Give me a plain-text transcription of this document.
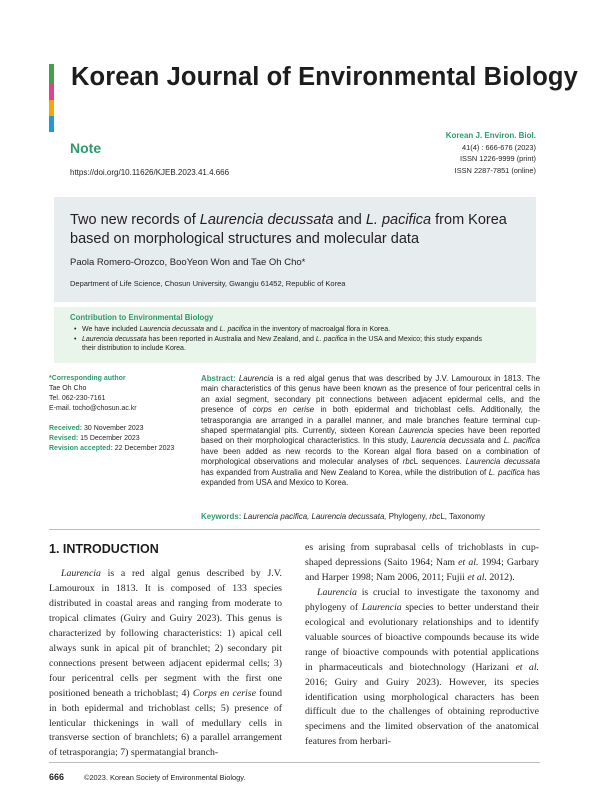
Korean Journal of Environmental Biology
Note
https://doi.org/10.11626/KJEB.2023.41.4.666
Korean J. Environ. Biol.
41(4) : 666-676 (2023)
ISSN 1226-9999 (print)
ISSN 2287-7851 (online)
Two new records of Laurencia decussata and L. pacifica from Korea based on morphological structures and molecular data
Paola Romero-Orozco, BooYeon Won and Tae Oh Cho*
Department of Life Science, Chosun University, Gwangju 61452, Republic of Korea
Contribution to Environmental Biology
• We have included Laurencia decussata and L. pacifica in the inventory of macroalgal flora in Korea.
• Laurencia decussata has been reported in Australia and New Zealand, and L. pacifica in the USA and Mexico; this study expands their distribution to include Korea.
*Corresponding author
Tae Oh Cho
Tel. 062-230-7161
E-mail. tocho@chosun.ac.kr
Received: 30 November 2023
Revised: 15 December 2023
Revision accepted: 22 December 2023
Abstract: Laurencia is a red algal genus that was described by J.V. Lamouroux in 1813. The main characteristics of this genus have been known as the presence of four pericentral cells in an axial segment, secondary pit connections between adjacent epidermal cells, and the presence of corps en cerise in both epidermal and trichoblast cells. Additionally, the tetrasporangia are arranged in a parallel manner, and male branches feature terminal cup-shaped spermatangial pits. Currently, sixteen Korean Laurencia species have been reported based on their morphological characteristics. In this study, Laurencia decussata and L. pacifica have been added as new records to the Korean algal flora based on a combination of morphological observations and molecular analyses of rbcL sequences. Laurencia decussata has expanded from Australia and New Zealand to Korea, while the distribution of L. pacifica has expanded from USA and Mexico to Korea.
Keywords: Laurencia pacifica, Laurencia decussata, Phylogeny, rbcL, Taxonomy
1. INTRODUCTION

Laurencia is a red algal genus described by J.V. Lamouroux in 1813. It is composed of 133 species distributed in coastal areas and ranging from moderate to tropical climates (Guiry and Guiry 2023). This genus is characterized by following characteristics: 1) apical cell always sunk in apical pit of branchlet; 2) secondary pit connections present between adjacent epidermal cells; 3) four pericentral cells per segment with the first one positioned beneath a trichoblast; 4) Corps en cerise found in both epidermal and trichoblast cells; 5) presence of lenticular thickenings in wall of medullary cells in transverse section of branchlets; 6) a parallel arrangement of tetrasporangia; 7) spermatangial branch-

es arising from suprabasal cells of trichoblasts in cup-shaped depressions (Saito 1964; Nam et al. 1994; Garbary and Harper 1998; Nam 2006, 2011; Fujii et al. 2012).

Laurencia is crucial to investigate the taxonomy and phylogeny of Laurencia species to better understand their ecological and evolutionary relationships and to identify valuable sources of bioactive compounds because its wide range of bioactive compounds with potential applications in pharmaceuticals and biotechnology (Harizani et al. 2016; Guiry and Guiry 2023). However, its species identification using morphological characters has been difficult due to the challenges of obtaining reproductive specimens and the limited observation of the anatomical features from herbari-

666	©2023. Korean Society of Environmental Biology.
